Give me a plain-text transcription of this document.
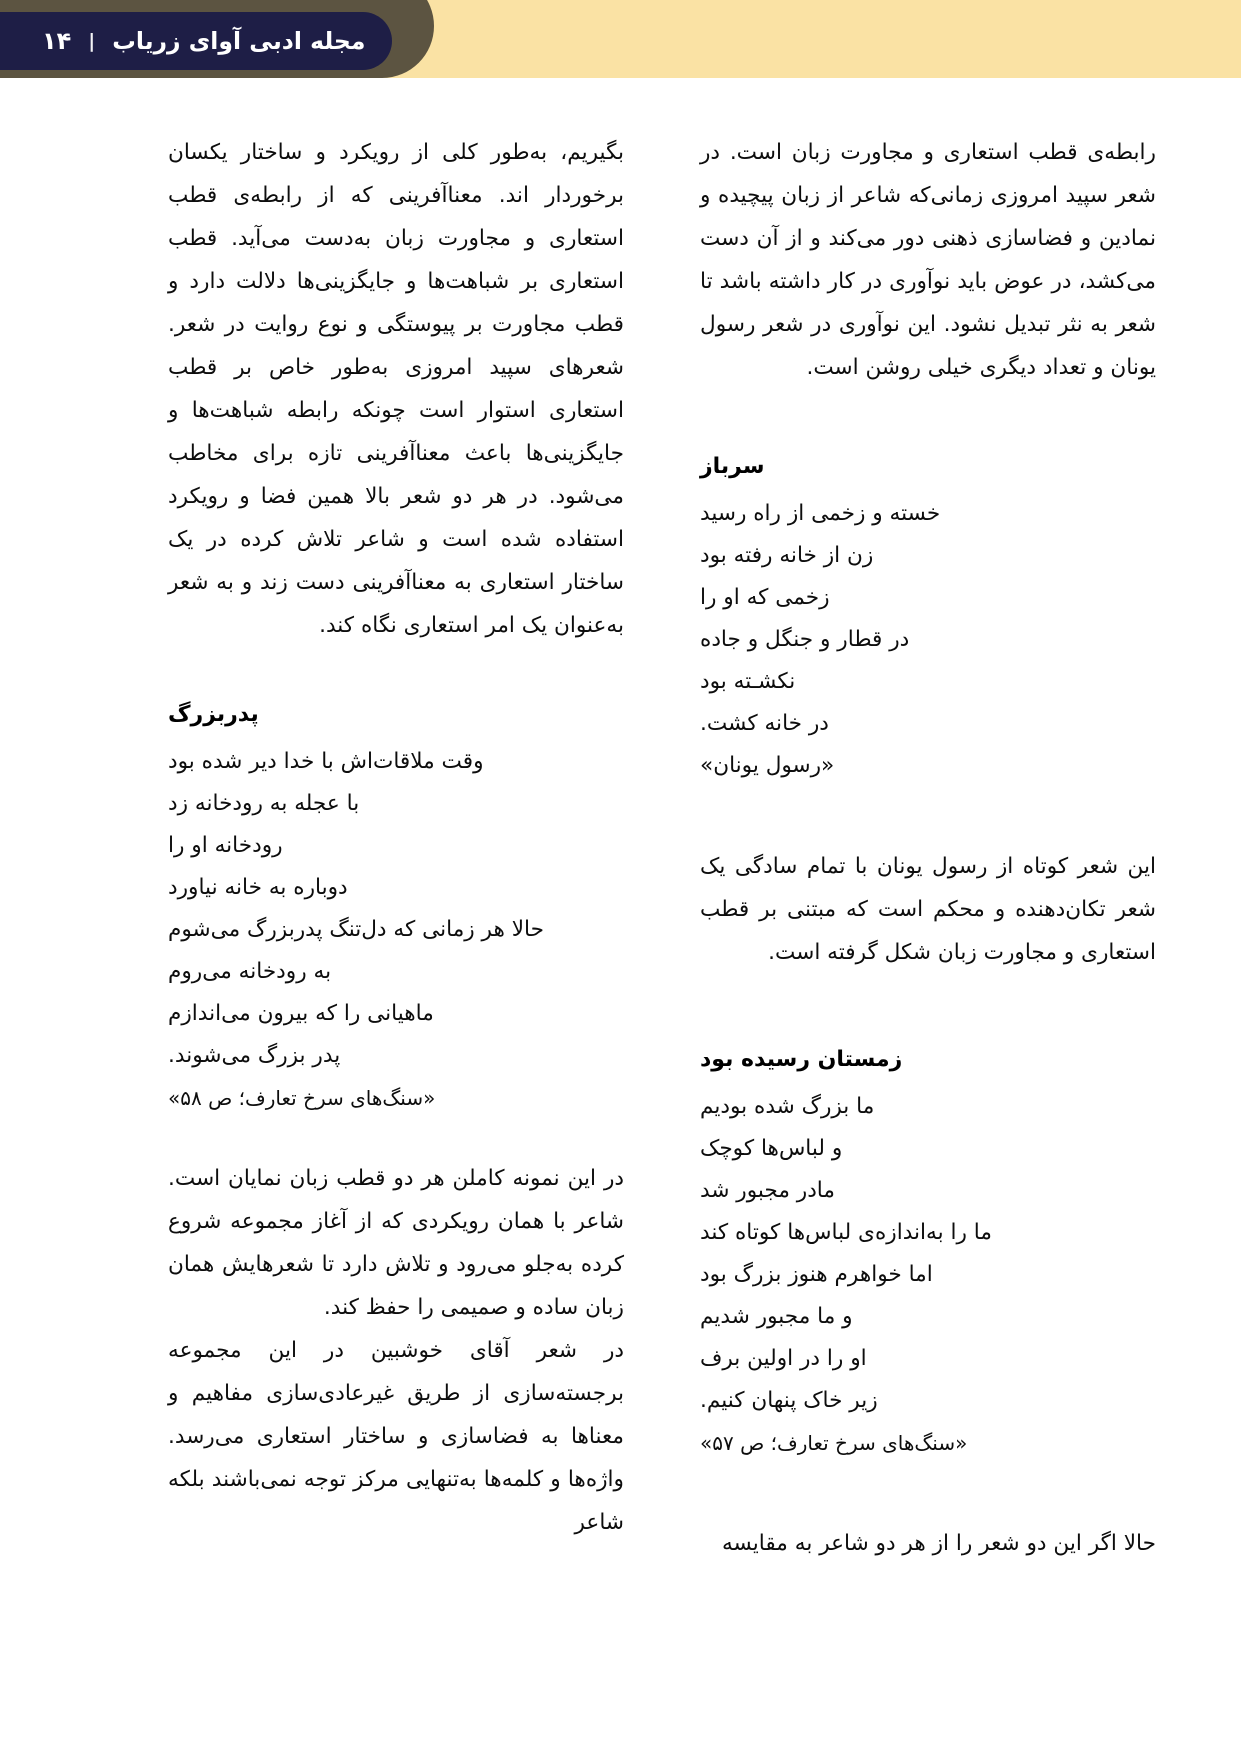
مجله ادبی آوای زریاب
|
۱۴

رابطه‌ی قطب استعاری و مجاورت زبان است. در شعر سپید امروزی زمانی‌که شاعر از زبان پیچیده و نمادین و فضاسازی ذهنی دور می‌کند و از آن دست می‌کشد، در عوض باید نوآوری در کار داشته باشد تا شعر به نثر تبدیل نشود. این نوآوری در شعر رسول یونان و تعداد دیگری خیلی روشن است.

سرباز
خسته و زخمی از راه رسید
زن از خانه رفته بود
زخمی که او را
در قطار و جنگل و جاده
نکشـته بود
در خانه کشت.
«رسول یونان»

این شعر کوتاه از رسول یونان با تمام سادگی یک شعر تکان‌دهنده و محکم است که مبتنی بر قطب استعاری و مجاورت زبان شکل گرفته است.

زمستان رسیده بود
ما بزرگ شده بودیم
و لباس‌ها کوچک
مادر مجبور شد
ما را به‌اندازه‌ی لباس‌ها کوتاه کند
اما خواهرم هنوز بزرگ بود
و ما مجبور شدیم
او را در اولین برف
زیر خاک پنهان کنیم.
«سنگ‌های سرخ تعارف؛ ص ۵۷»

حالا اگر این دو شعر را از هر دو شاعر به مقایسه

بگیریم، به‌طور کلی از رویکرد و ساختار یکسان برخوردار اند. معناآفرینی که از رابطه‌ی قطب استعاری و مجاورت زبان به‌دست می‌آید. قطب استعاری بر شباهت‌ها و جایگزینی‌ها دلالت دارد و قطب مجاورت بر پیوستگی و نوع روایت در شعر. شعرهای سپید امروزی به‌طور خاص بر قطب استعاری استوار است چونکه رابطه شباهت‌ها و جایگزینی‌ها باعث معناآفرینی تازه برای مخاطب می‌شود. در هر دو شعر بالا همین فضا و رویکرد استفاده شده است و شاعر تلاش کرده در یک ساختار استعاری به معناآفرینی دست زند و به شعر به‌عنوان یک امر استعاری نگاه کند.

پدربزرگ
وقت ملاقات‌اش با خدا دیر شده بود
با عجله به رودخانه زد
رودخانه او را
دوباره به خانه نیاورد
حالا هر زمانی که دل‌تنگ پدربزرگ می‌شوم
به رودخانه می‌روم
ماهیانی را که بیرون می‌اندازم
پدر بزرگ می‌شوند.
«سنگ‌های سرخ تعارف؛ ص ۵۸»

در این نمونه کاملن هر دو قطب زبان نمایان است. شاعر با همان رویکردی که از آغاز مجموعه شروع کرده به‌جلو می‌رود و تلاش دارد تا شعرهایش همان زبان ساده و صمیمی را حفظ کند.

در شعر آقای خوشبین در این مجموعه برجسته‌سازی از طریق غیرعادی‌سازی مفاهیم و معناها به فضاسازی و ساختار استعاری می‌رسد. واژه‌ها و کلمه‌ها به‌تنهایی مرکز توجه نمی‌باشند بلکه شاعر
